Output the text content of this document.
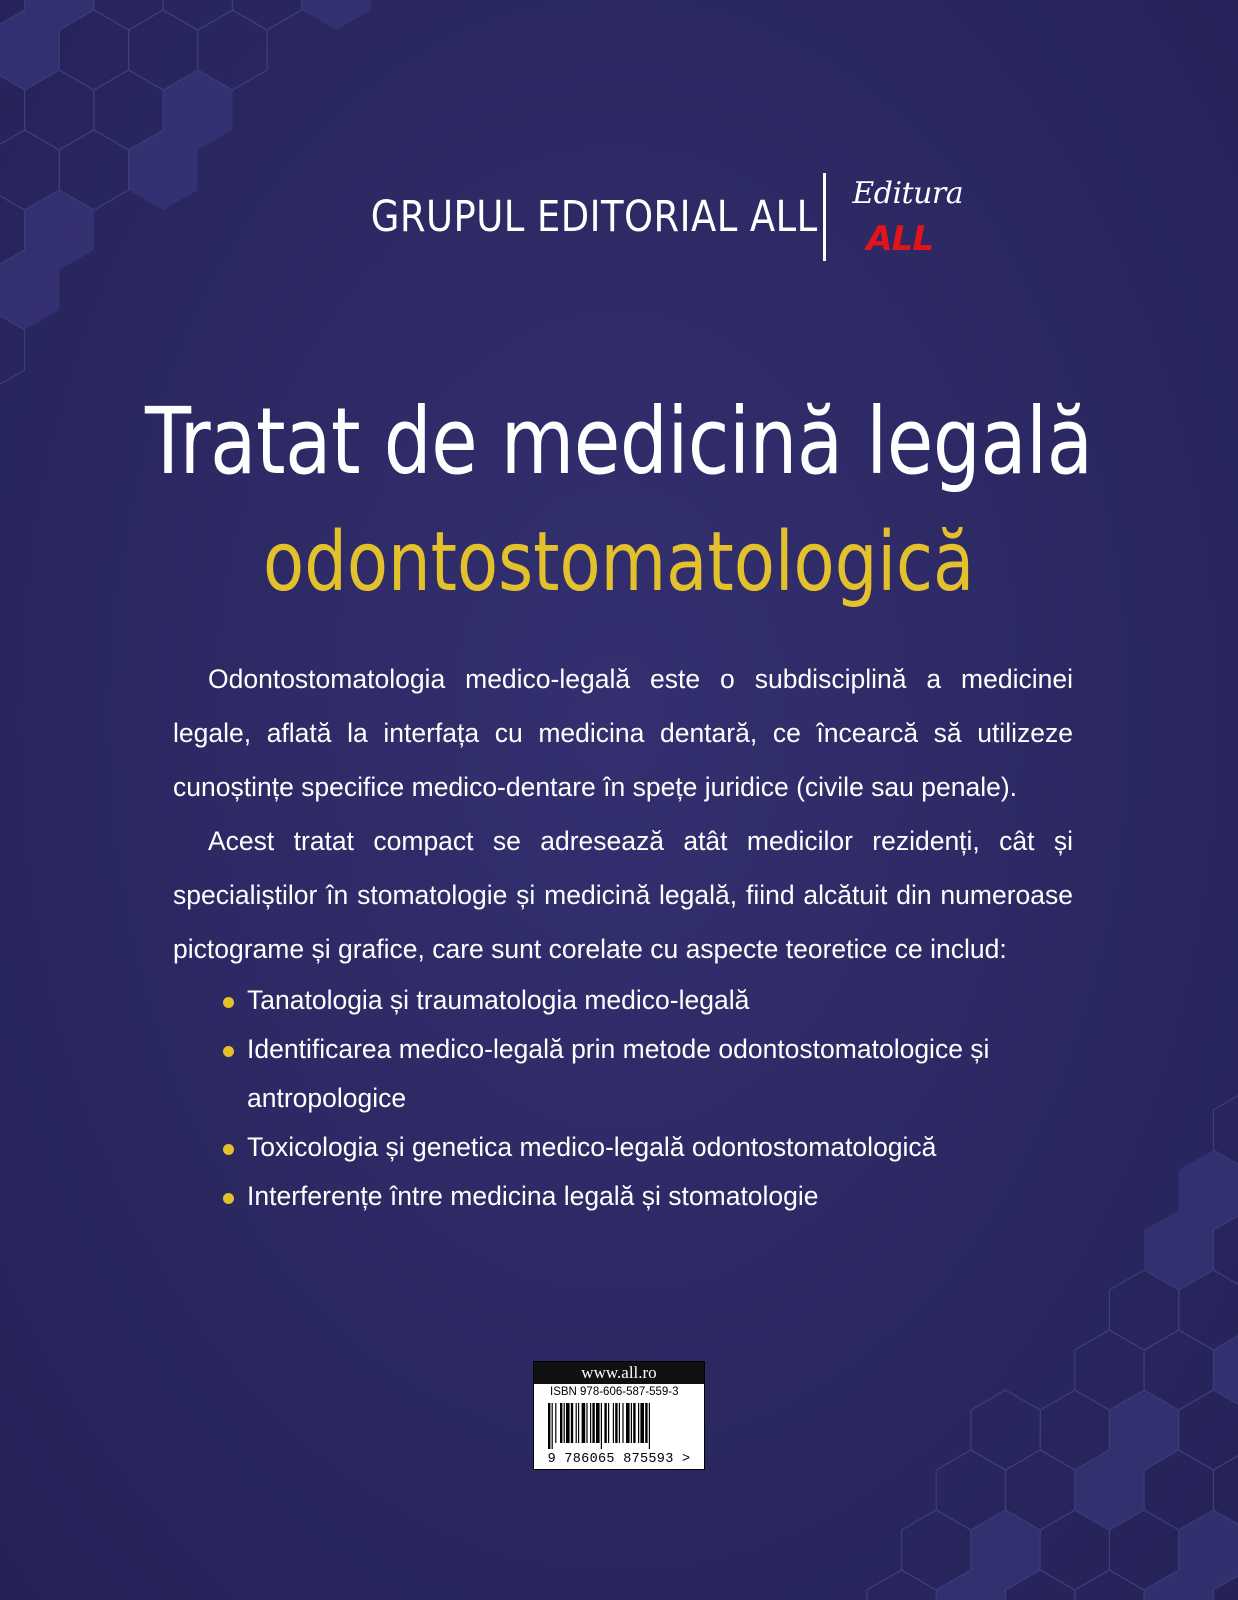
GRUPUL EDITORIAL ALL Editura
ALL
Tratat de medicină legală
odontostomatologică

Odontostomatologia medico-legală este o subdisciplină a medicinei legale, aflată la interfața cu medicina dentară, ce încearcă să utilizeze cunoștințe specifice medico-dentare în spețe juridice (civile sau penale).

Acest tratat compact se adresează atât medicilor rezidenți, cât și specialiștilor în stomatologie și medicină legală, fiind alcătuit din numeroase pictograme și grafice, care sunt corelate cu aspecte teoretice ce includ:

Tanatologia și traumatologia medico-legală
Identificarea medico-legală prin metode odontostomatologice și antropologice
Toxicologia și genetica medico-legală odontostomatologică
Interferențe între medicina legală și stomatologie
www.all.ro
ISBN 978-606-587-559-3
9 786065 875593 >
